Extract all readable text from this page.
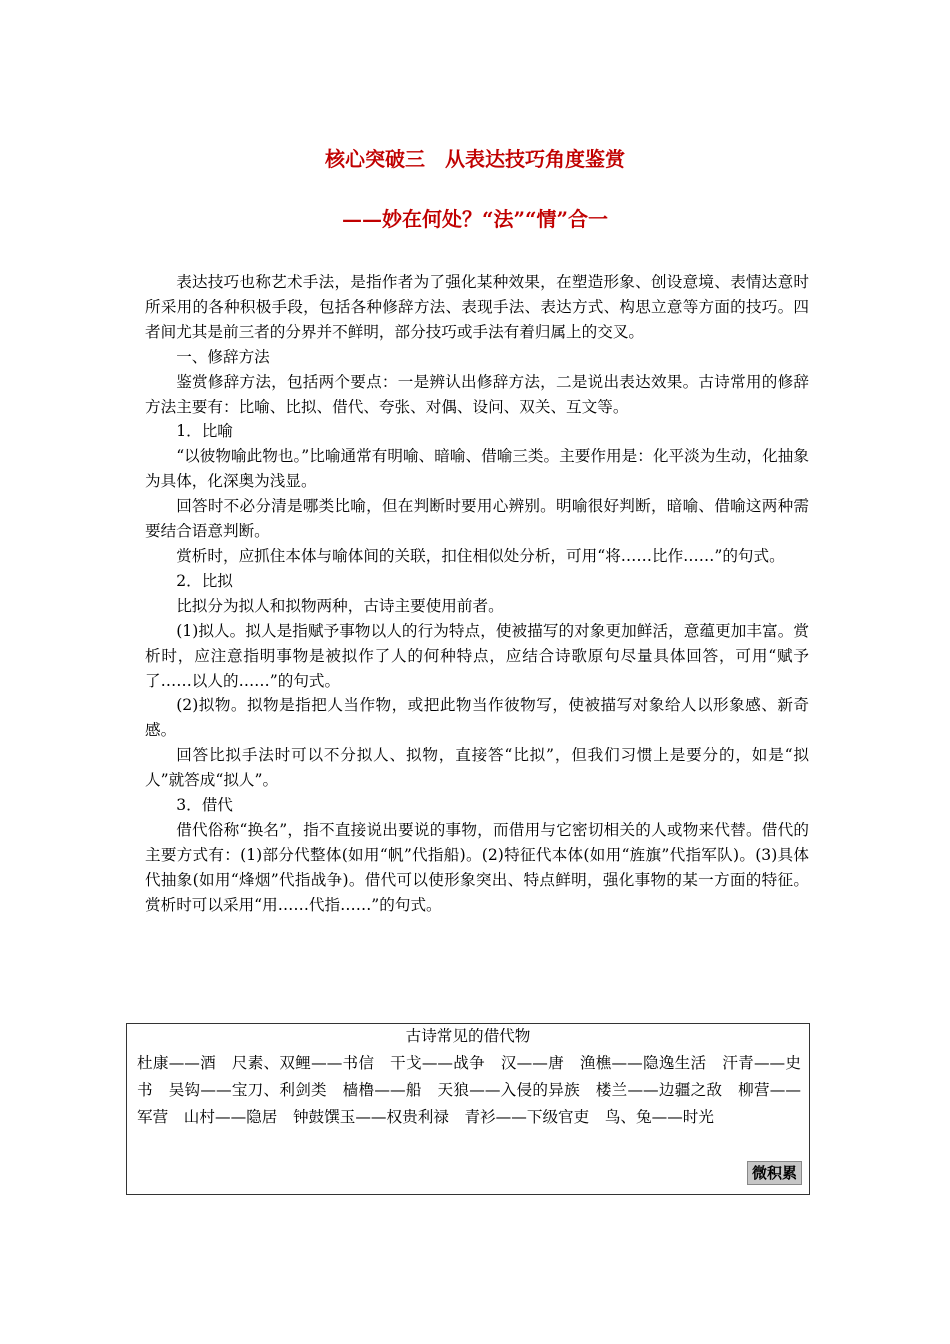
核心突破三　从表达技巧角度鉴赏
——妙在何处？“法”“情”合一

表达技巧也称艺术手法，是指作者为了强化某种效果，在塑造形象、创设意境、表情达意时所采用的各种积极手段，包括各种修辞方法、表现手法、表达方式、构思立意等方面的技巧。四者间尤其是前三者的分界并不鲜明，部分技巧或手法有着归属上的交叉。

一、修辞方法

鉴赏修辞方法，包括两个要点：一是辨认出修辞方法，二是说出表达效果。古诗常用的修辞方法主要有：比喻、比拟、借代、夸张、对偶、设问、双关、互文等。

1．比喻

“以彼物喻此物也。”比喻通常有明喻、暗喻、借喻三类。主要作用是：化平淡为生动，化抽象为具体，化深奥为浅显。

回答时不必分清是哪类比喻，但在判断时要用心辨别。明喻很好判断，暗喻、借喻这两种需要结合语意判断。

赏析时，应抓住本体与喻体间的关联，扣住相似处分析，可用“将……比作……”的句式。

2．比拟

比拟分为拟人和拟物两种，古诗主要使用前者。

(1)拟人。拟人是指赋予事物以人的行为特点，使被描写的对象更加鲜活，意蕴更加丰富。赏析时，应注意指明事物是被拟作了人的何种特点，应结合诗歌原句尽量具体回答，可用“赋予了……以人的……”的句式。

(2)拟物。拟物是指把人当作物，或把此物当作彼物写，使被描写对象给人以形象感、新奇感。

回答比拟手法时可以不分拟人、拟物，直接答“比拟”，但我们习惯上是要分的，如是“拟人”就答成“拟人”。

3．借代

借代俗称“换名”，指不直接说出要说的事物，而借用与它密切相关的人或物来代替。借代的主要方式有：(1)部分代整体(如用“帆”代指船)。(2)特征代本体(如用“旌旗”代指军队)。(3)具体代抽象(如用“烽烟”代指战争)。借代可以使形象突出、特点鲜明，强化事物的某一方面的特征。赏析时可以采用“用……代指……”的句式。

古诗常见的借代物

杜康——酒　尺素、双鲤——书信　干戈——战争　汉——唐　渔樵——隐逸生活　汗青——史书　吴钩——宝刀、利剑类　樯橹——船　天狼——入侵的异族　楼兰——边疆之敌　柳营——军营　山村——隐居　钟鼓馔玉——权贵利禄　青衫——下级官吏　鸟、兔——时光

微积累
